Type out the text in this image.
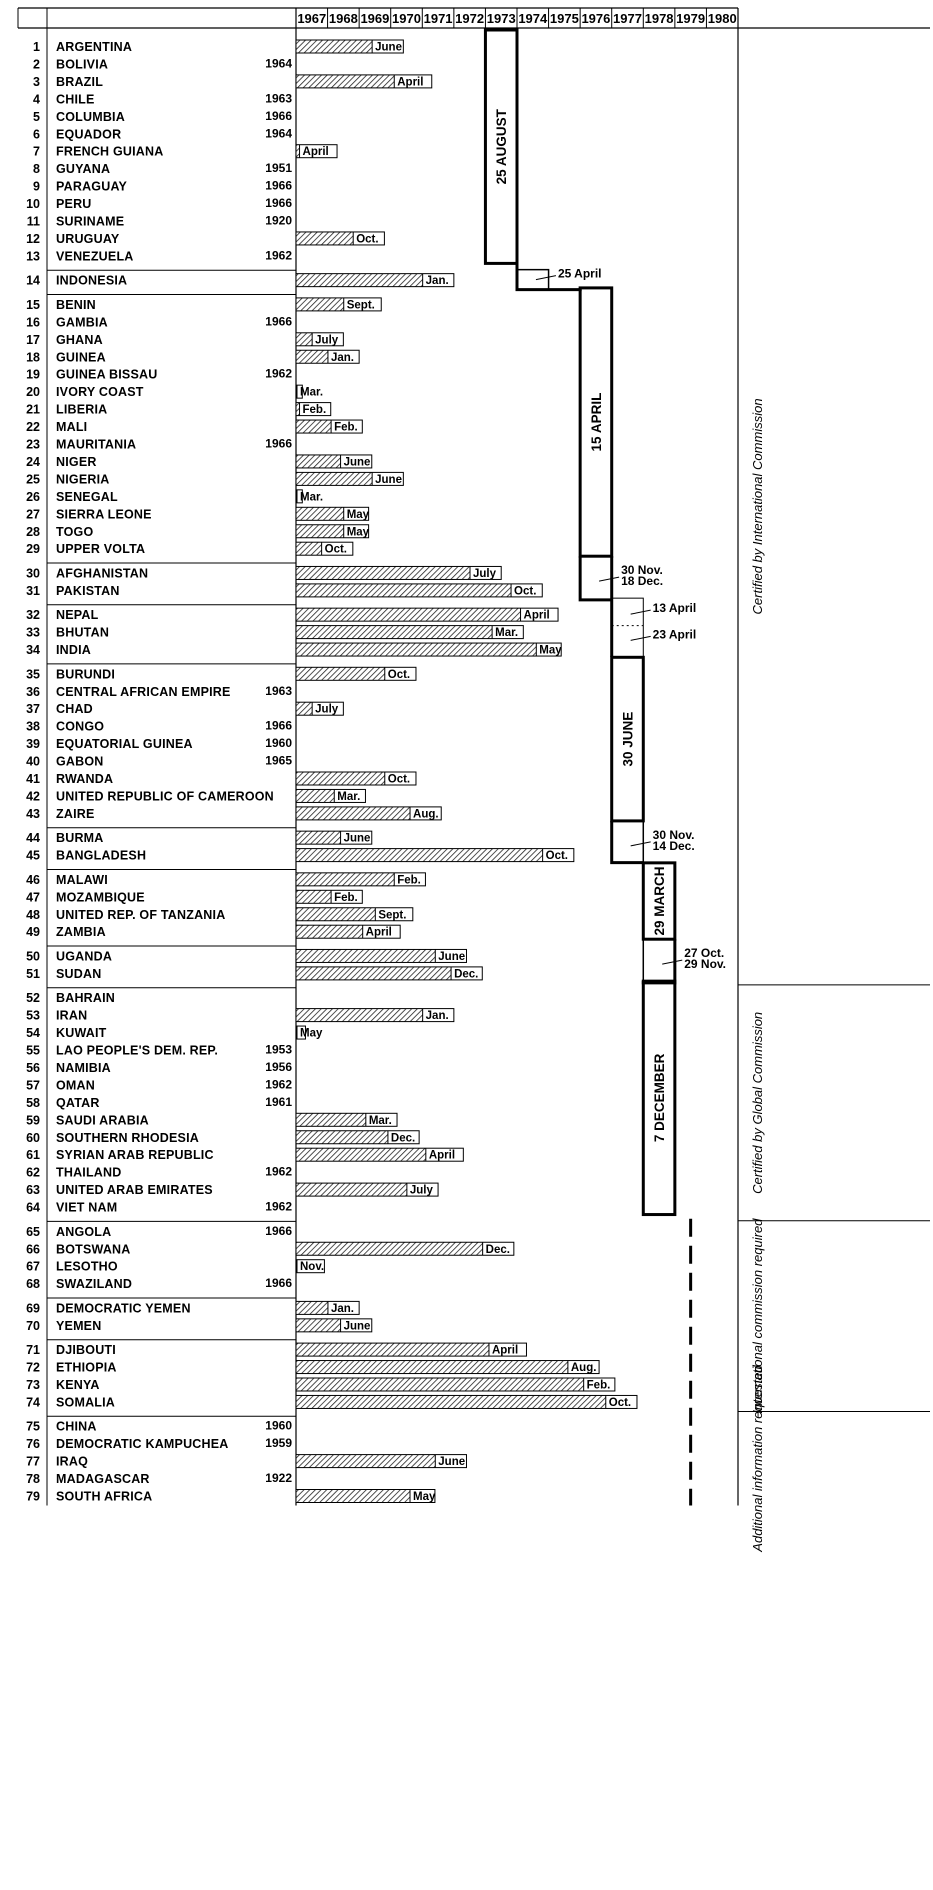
1967 1968 1969 1970 1971 1972 1973 1974 1975 1976 1977 1978 1979 1980
1 ARGENTINA	June
2 BOLIVIA	1964
3 BRAZIL	April
4 CHILE	1963
5 COLUMBIA	1966
6 EQUADOR	1964
7 FRENCH GUIANA	April
8 GUYANA	1951
9 PARAGUAY	1966
10 PERU	1966
11 SURINAME	1920
12 URUGUAY	Oct.
13 VENEZUELA	1962
14 INDONESIA	Jan.
15 BENIN	Sept.
16 GAMBIA	1966
17 GHANA	July
18 GUINEA	Jan.
19 GUINEA BISSAU	1962
20 IVORY COAST	Mar.
21 LIBERIA	Feb.
22 MALI	Feb.
23 MAURITANIA	1966
24 NIGER	June
25 NIGERIA	June
26 SENEGAL	Mar.
27 SIERRA LEONE	May
28 TOGO	May
29 UPPER VOLTA	Oct.
30 AFGHANISTAN	July
31 PAKISTAN	Oct.
32 NEPAL	April
33 BHUTAN	Mar.
34 INDIA	May
35 BURUNDI	Oct.
36 CENTRAL AFRICAN EMPIRE	1963
37 CHAD	July
38 CONGO	1966
39 EQUATORIAL GUINEA	1960
40 GABON	1965
41 RWANDA	Oct.
42 UNITED REPUBLIC OF CAMEROON	Mar.
43 ZAIRE	Aug.
44 BURMA	June
45 BANGLADESH	Oct.
46 MALAWI	Feb.
47 MOZAMBIQUE	Feb.
48 UNITED REP. OF TANZANIA	Sept.
49 ZAMBIA	April
50 UGANDA	June
51 SUDAN	Dec.
52 BAHRAIN
53 IRAN	Jan.
54 KUWAIT	May
55 LAO PEOPLE'S DEM. REP.	1953
56 NAMIBIA	1956
57 OMAN	1962
58 QATAR	1961
59 SAUDI ARABIA	Mar.
60 SOUTHERN RHODESIA	Dec.
61 SYRIAN ARAB REPUBLIC	April
62 THAILAND	1962
63 UNITED ARAB EMIRATES	July
64 VIET NAM	1962
65 ANGOLA	1966
66 BOTSWANA	Dec.
67 LESOTHO	Nov.
68 SWAZILAND	1966
69 DEMOCRATIC YEMEN	Jan.
70 YEMEN	June
71 DJIBOUTI	April
72 ETHIOPIA	Aug.
73 KENYA	Feb.
74 SOMALIA	Oct.
75 CHINA	1960
76 DEMOCRATIC KAMPUCHEA	1959
77 IRAQ	June
78 MADAGASCAR	1922
79 SOUTH AFRICA	May
Certified by International Commission
Certified by Global Commission
International commission required
Additional information requested
25 AUGUST
15 APRIL
30 JUNE
29 MARCH
7 DECEMBER
25 April
30 Nov.
18 Dec.
13 April
23 April
30 Nov.
14 Dec.
27 Oct.
29 Nov.
